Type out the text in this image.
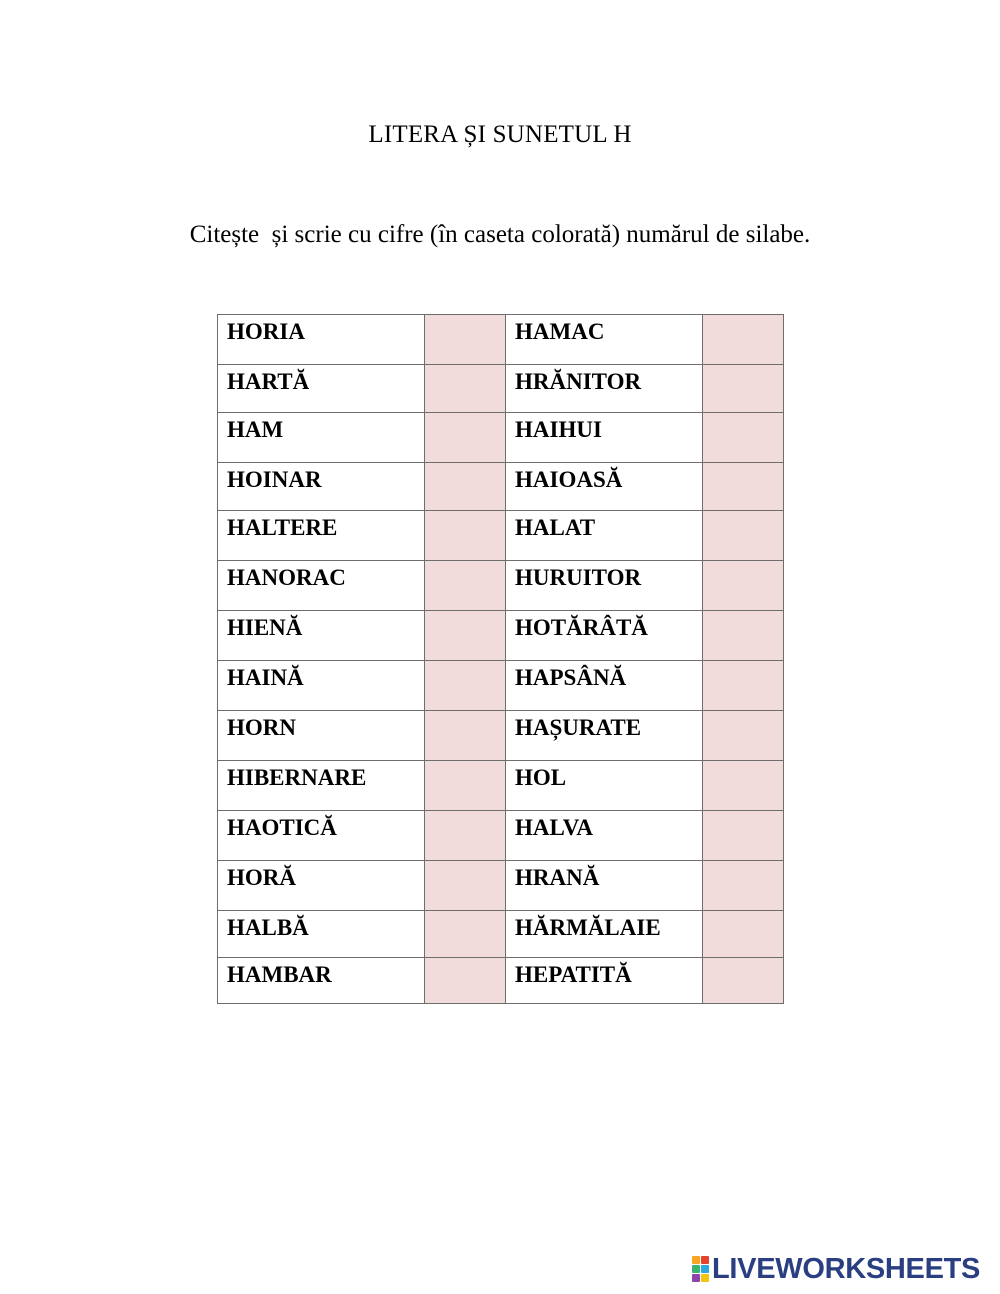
LITERA ȘI SUNETUL H
Citește  și scrie cu cifre (în caseta colorată) numărul de silabe.
HORIA		HAMAC	

HARTĂ		HRĂNITOR	

HAM		HAIHUI	

HOINAR		HAIOASĂ	

HALTERE		HALAT	

HANORAC		HURUITOR	

HIENĂ		HOTĂRÂTĂ	

HAINĂ		HAPSÂNĂ	

HORN		HAȘURATE	

HIBERNARE		HOL	

HAOTICĂ		HALVA	

HORĂ		HRANĂ	

HALBĂ		HĂRMĂLAIE	

HAMBAR		HEPATITĂ	
LIVEWORKSHEETS
